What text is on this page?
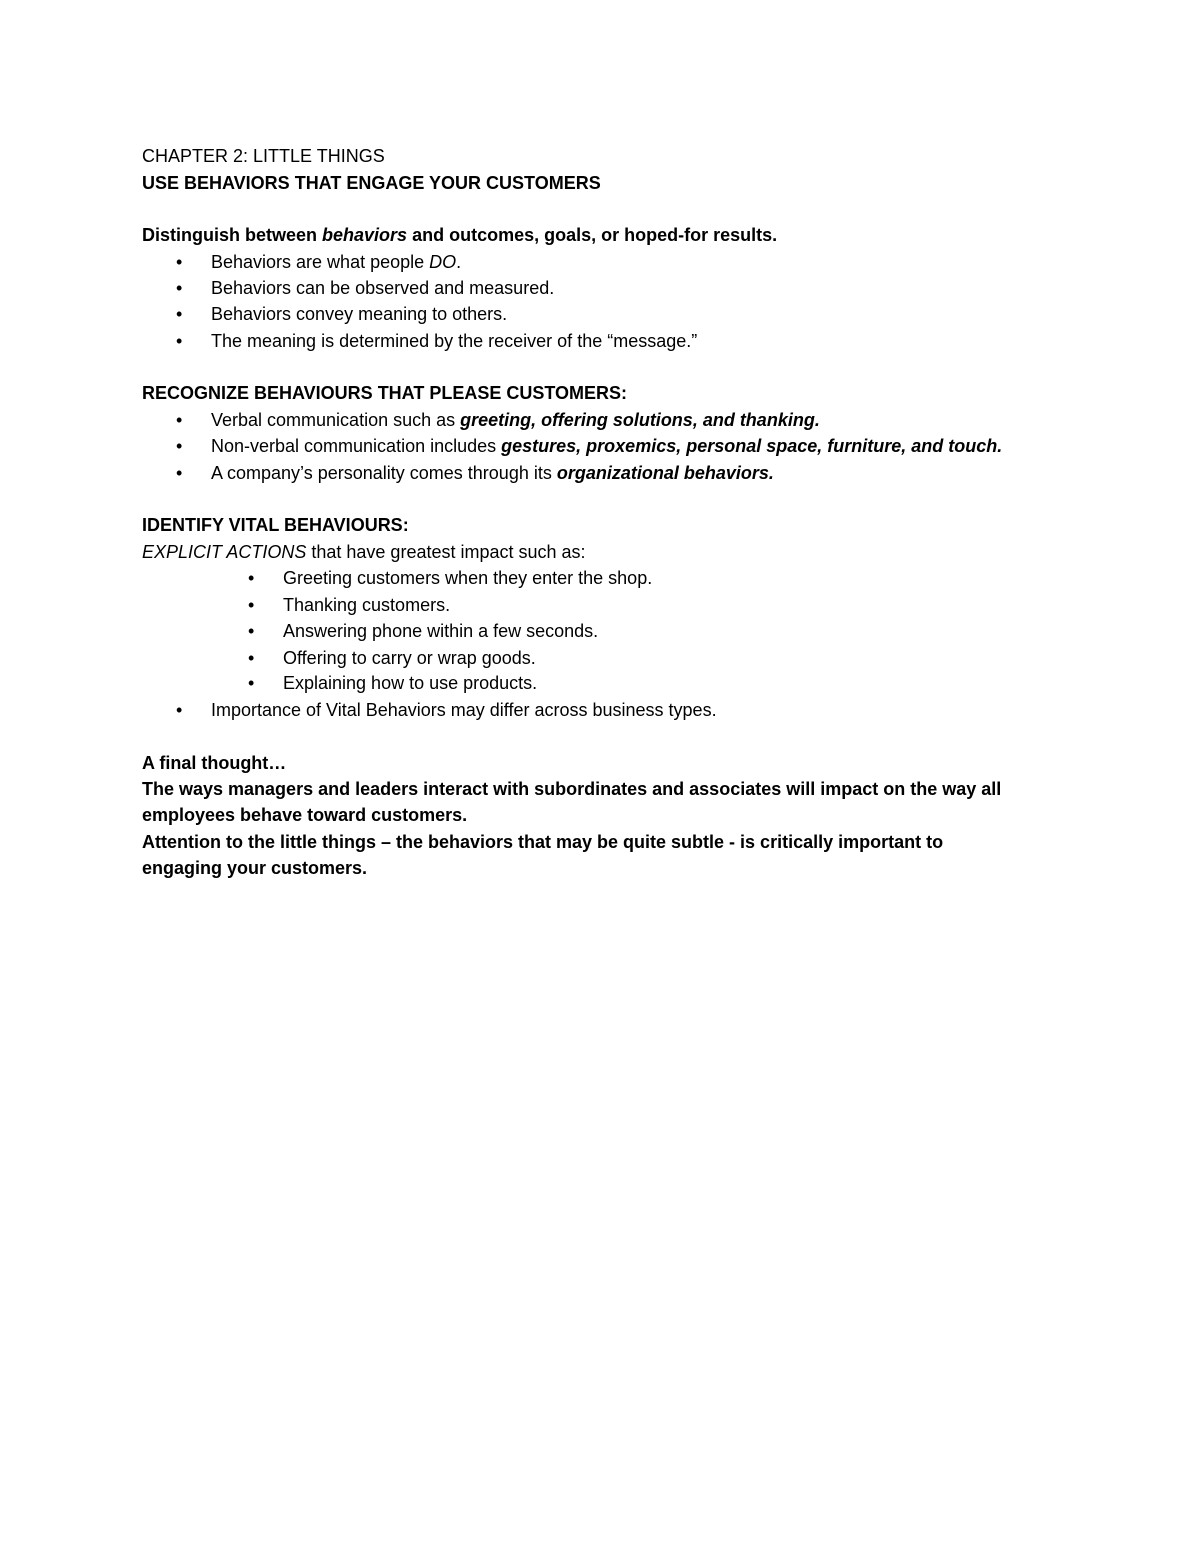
CHAPTER 2: LITTLE THINGS
USE BEHAVIORS THAT ENGAGE YOUR CUSTOMERS
Distinguish between behaviors and outcomes, goals, or hoped-for results.
• Behaviors are what people DO.
• Behaviors can be observed and measured.
• Behaviors convey meaning to others.
• The meaning is determined by the receiver of the “message.”
RECOGNIZE BEHAVIOURS THAT PLEASE CUSTOMERS:
• Verbal communication such as greeting, offering solutions, and thanking.
• Non-verbal communication includes gestures, proxemics, personal space, furniture, and touch.
• A company’s personality comes through its organizational behaviors.
IDENTIFY VITAL BEHAVIOURS:
EXPLICIT ACTIONS that have greatest impact such as:
• Greeting customers when they enter the shop.
• Thanking customers.
• Answering phone within a few seconds.
• Offering to carry or wrap goods.
• Explaining how to use products.
• Importance of Vital Behaviors may differ across business types.
A final thought…
The ways managers and leaders interact with subordinates and associates will impact on the way all
employees behave toward customers.
Attention to the little things – the behaviors that may be quite subtle - is critically important to
engaging your customers.
